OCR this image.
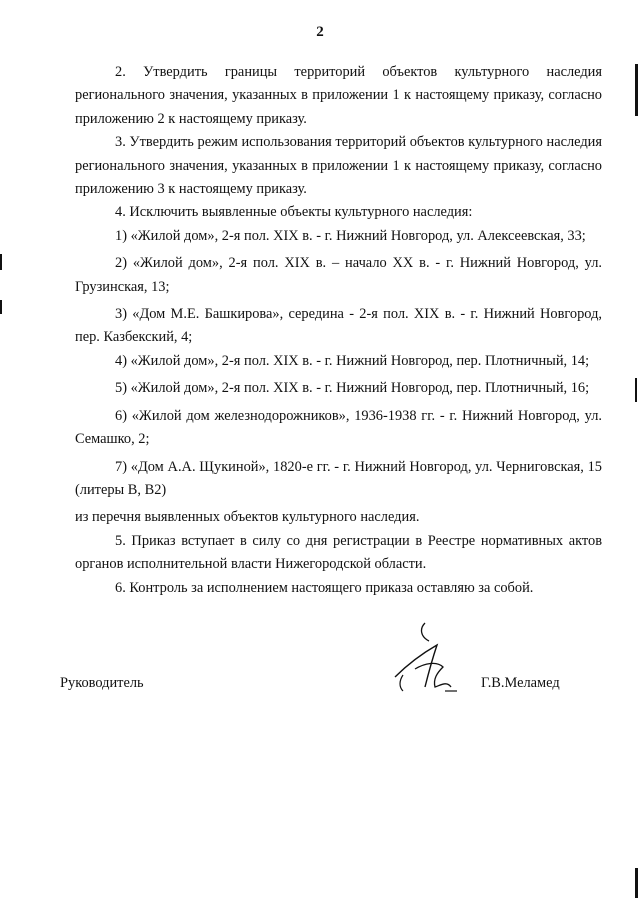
2

2. Утвердить границы территорий объектов культурного наследия регионального значения, указанных в приложении 1 к настоящему приказу, согласно приложению 2 к настоящему приказу.

3. Утвердить режим использования территорий объектов культурного наследия регионального значения, указанных в приложении 1 к настоящему приказу, согласно приложению 3 к настоящему приказу.

4. Исключить выявленные объекты культурного наследия:

1) «Жилой дом», 2-я пол. XIX в. - г. Нижний Новгород, ул. Алексеевская, 33;

2) «Жилой дом», 2-я пол. XIX в. – начало XX в. - г. Нижний Новгород, ул. Грузинская, 13;

3) «Дом М.Е. Башкирова», середина - 2-я пол. XIX в. - г. Нижний Новгород, пер. Казбекский, 4;

4) «Жилой дом», 2-я пол. XIX в. - г. Нижний Новгород, пер. Плотничный, 14;

5) «Жилой дом», 2-я пол. XIX в. - г. Нижний Новгород, пер. Плотничный, 16;

6) «Жилой дом железнодорожников», 1936-1938 гг. - г. Нижний Новгород, ул. Семашко, 2;

7) «Дом А.А. Щукиной», 1820-е гг. - г. Нижний Новгород, ул. Черниговская, 15 (литеры В, В2)

из перечня выявленных объектов культурного наследия.

5. Приказ вступает в силу со дня регистрации в Реестре нормативных актов органов исполнительной власти Нижегородской области.

6. Контроль за исполнением настоящего приказа оставляю за собой.

Руководитель	Г.В.Меламед
